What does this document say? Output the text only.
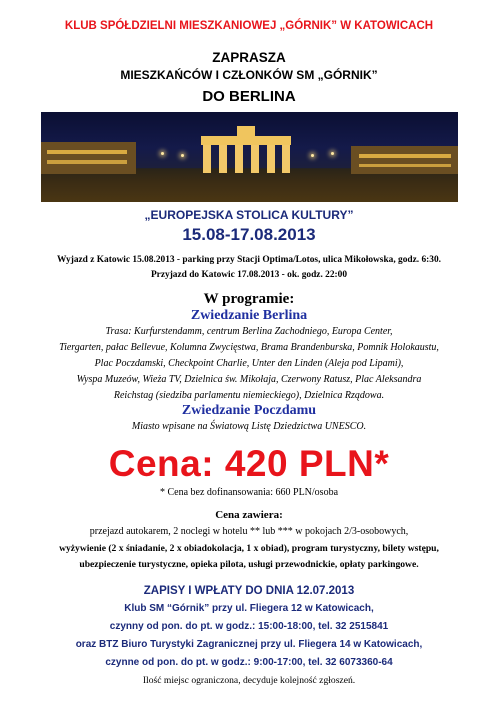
KLUB SPÓŁDZIELNI MIESZKANIOWEJ „GÓRNIK” W KATOWICACH
ZAPRASZA
MIESZKAŃCÓW I CZŁONKÓW SM „GÓRNIK”
DO BERLINA
„EUROPEJSKA STOLICA KULTURY”
15.08-17.08.2013
Wyjazd z Katowic 15.08.2013 - parking przy Stacji Optima/Lotos, ulica Mikołowska, godz. 6:30.
Przyjazd do Katowic 17.08.2013 - ok. godz. 22:00
W programie:
Zwiedzanie Berlina
Trasa: Kurfurstendamm, centrum Berlina Zachodniego, Europa Center,
Tiergarten, pałac Bellevue, Kolumna Zwycięstwa, Brama Brandenburska, Pomnik Holokaustu,
Plac Poczdamski, Checkpoint Charlie, Unter den Linden (Aleja pod Lipami),
Wyspa Muzeów, Wieża TV, Dzielnica św. Mikołaja, Czerwony Ratusz, Plac Aleksandra
Reichstag (siedziba parlamentu niemieckiego), Dzielnica Rządowa.
Zwiedzanie Poczdamu
Miasto wpisane na Światową Listę Dziedzictwa UNESCO.
Cena: 420 PLN*
* Cena bez dofinansowania: 660 PLN/osoba
Cena zawiera:
przejazd autokarem, 2 noclegi w hotelu ** lub *** w pokojach 2/3-osobowych,
wyżywienie (2 x śniadanie, 2 x obiadokolacja, 1 x obiad), program turystyczny, bilety wstępu,
ubezpieczenie turystyczne, opieka pilota, usługi przewodnickie, opłaty parkingowe.
ZAPISY I WPŁATY DO DNIA 12.07.2013
Klub SM “Górnik” przy ul. Fliegera 12 w Katowicach,
czynny od pon. do pt. w godz.: 15:00-18:00, tel. 32 2515841
oraz BTZ Biuro Turystyki Zagranicznej przy ul. Fliegera 14 w Katowicach,
czynne od pon. do pt. w godz.: 9:00-17:00, tel. 32 6073360-64
Ilość miejsc ograniczona, decyduje kolejność zgłoszeń.
